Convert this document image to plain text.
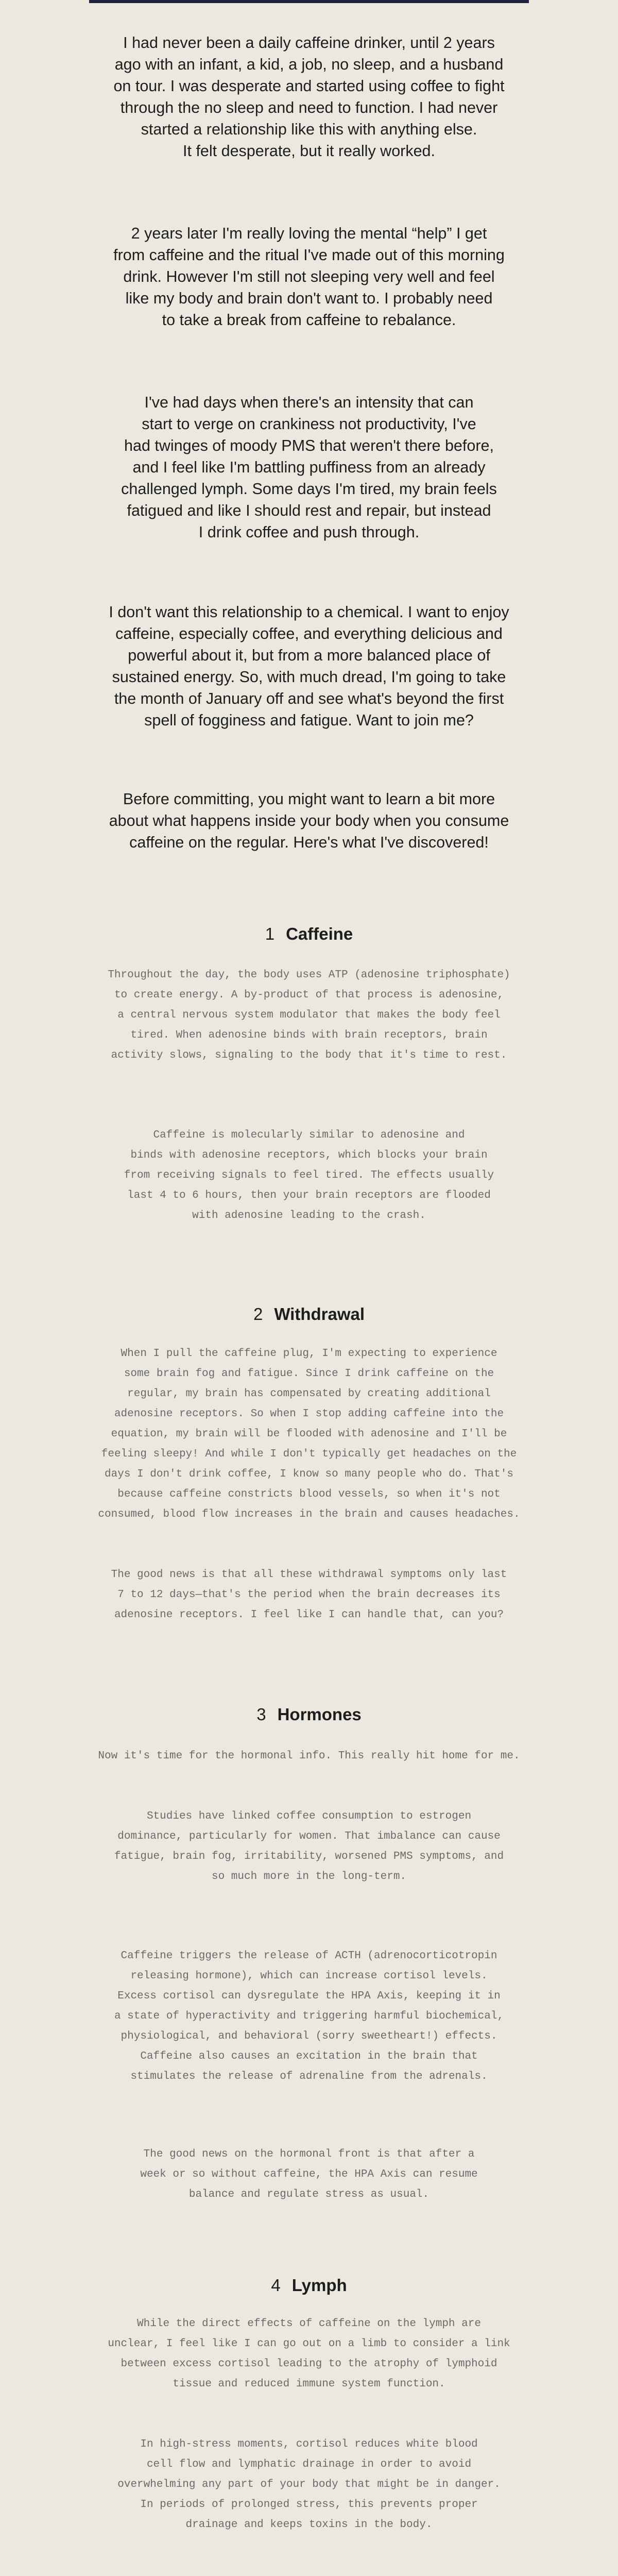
I had never been a daily caffeine drinker, until 2 years

ago with an infant, a kid, a job, no sleep, and a husband

on tour. I was desperate and started using coffee to fight

through the no sleep and need to function. I had never

started a relationship like this with anything else.

It felt desperate, but it really worked.

2 years later I'm really loving the mental “help” I get

from caffeine and the ritual I've made out of this morning

drink. However I'm still not sleeping very well and feel

like my body and brain don't want to. I probably need

to take a break from caffeine to rebalance.

I've had days when there's an intensity that can

start to verge on crankiness not productivity, I've

had twinges of moody PMS that weren't there before,

and I feel like I'm battling puffiness from an already

challenged lymph. Some days I'm tired, my brain feels

fatigued and like I should rest and repair, but instead

I drink coffee and push through.

I don't want this relationship to a chemical. I want to enjoy

caffeine, especially coffee, and everything delicious and

powerful about it, but from a more balanced place of

sustained energy. So, with much dread, I'm going to take

the month of January off and see what's beyond the first

spell of fogginess and fatigue. Want to join me?

Before committing, you might want to learn a bit more

about what happens inside your body when you consume

caffeine on the regular. Here's what I've discovered!

1 Caffeine

Throughout the day, the body uses ATP (adenosine triphosphate)

to create energy. A by-product of that process is adenosine,

a central nervous system modulator that makes the body feel

tired. When adenosine binds with brain receptors, brain

activity slows, signaling to the body that it's time to rest.

Caffeine is molecularly similar to adenosine and

binds with adenosine receptors, which blocks your brain

from receiving signals to feel tired. The effects usually

last 4 to 6 hours, then your brain receptors are flooded

with adenosine leading to the crash.

2 Withdrawal

When I pull the caffeine plug, I'm expecting to experience

some brain fog and fatigue. Since I drink caffeine on the

regular, my brain has compensated by creating additional

adenosine receptors. So when I stop adding caffeine into the

equation, my brain will be flooded with adenosine and I'll be

feeling sleepy! And while I don't typically get headaches on the

days I don't drink coffee, I know so many people who do. That's

because caffeine constricts blood vessels, so when it's not

consumed, blood flow increases in the brain and causes headaches.

The good news is that all these withdrawal symptoms only last

7 to 12 days—that's the period when the brain decreases its

adenosine receptors. I feel like I can handle that, can you?

3 Hormones

Now it's time for the hormonal info. This really hit home for me.

Studies have linked coffee consumption to estrogen

dominance, particularly for women. That imbalance can cause

fatigue, brain fog, irritability, worsened PMS symptoms, and

so much more in the long-term.

Caffeine triggers the release of ACTH (adrenocorticotropin

releasing hormone), which can increase cortisol levels.

Excess cortisol can dysregulate the HPA Axis, keeping it in

a state of hyperactivity and triggering harmful biochemical,

physiological, and behavioral (sorry sweetheart!) effects.

Caffeine also causes an excitation in the brain that

stimulates the release of adrenaline from the adrenals.

The good news on the hormonal front is that after a

week or so without caffeine, the HPA Axis can resume

balance and regulate stress as usual.

4 Lymph

While the direct effects of caffeine on the lymph are

unclear, I feel like I can go out on a limb to consider a link

between excess cortisol leading to the atrophy of lymphoid

tissue and reduced immune system function.

In high-stress moments, cortisol reduces white blood

cell flow and lymphatic drainage in order to avoid

overwhelming any part of your body that might be in danger.

In periods of prolonged stress, this prevents proper

drainage and keeps toxins in the body.
